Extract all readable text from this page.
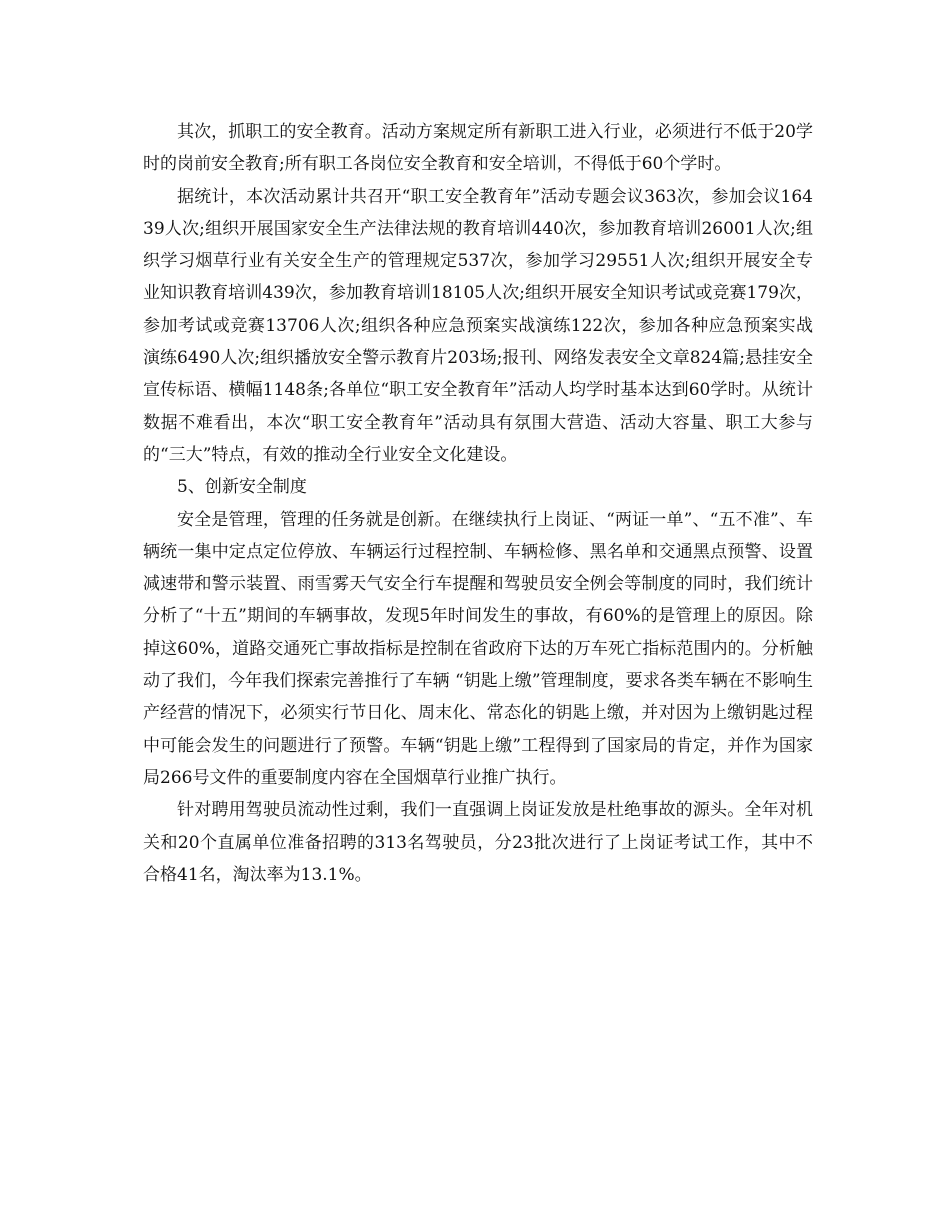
其次，抓职工的安全教育。活动方案规定所有新职工进入行业，必须进行不低于20学时的岗前安全教育;所有职工各岗位安全教育和安全培训，不得低于60个学时。

据统计，本次活动累计共召开“职工安全教育年”活动专题会议363次，参加会议16439人次;组织开展国家安全生产法律法规的教育培训440次，参加教育培训26001人次;组织学习烟草行业有关安全生产的管理规定537次，参加学习29551人次;组织开展安全专业知识教育培训439次，参加教育培训18105人次;组织开展安全知识考试或竞赛179次，参加考试或竞赛13706人次;组织各种应急预案实战演练122次，参加各种应急预案实战演练6490人次;组织播放安全警示教育片203场;报刊、网络发表安全文章824篇;悬挂安全宣传标语、横幅1148条;各单位“职工安全教育年”活动人均学时基本达到60学时。从统计数据不难看出，本次“职工安全教育年”活动具有氛围大营造、活动大容量、职工大参与的“三大”特点，有效的推动全行业安全文化建设。

5、创新安全制度

安全是管理，管理的任务就是创新。在继续执行上岗证、“两证一单”、“五不准”、车辆统一集中定点定位停放、车辆运行过程控制、车辆检修、黑名单和交通黑点预警、设置减速带和警示装置、雨雪雾天气安全行车提醒和驾驶员安全例会等制度的同时，我们统计分析了“十五”期间的车辆事故，发现5年时间发生的事故，有60%的是管理上的原因。除掉这60%，道路交通死亡事故指标是控制在省政府下达的万车死亡指标范围内的。分析触动了我们，今年我们探索完善推行了车辆 “钥匙上缴”管理制度，要求各类车辆在不影响生产经营的情况下，必须实行节日化、周末化、常态化的钥匙上缴，并对因为上缴钥匙过程中可能会发生的问题进行了预警。车辆“钥匙上缴”工程得到了国家局的肯定，并作为国家局266号文件的重要制度内容在全国烟草行业推广执行。

针对聘用驾驶员流动性过剩，我们一直强调上岗证发放是杜绝事故的源头。全年对机关和20个直属单位准备招聘的313名驾驶员，分23批次进行了上岗证考试工作，其中不合格41名，淘汰率为13.1%。
